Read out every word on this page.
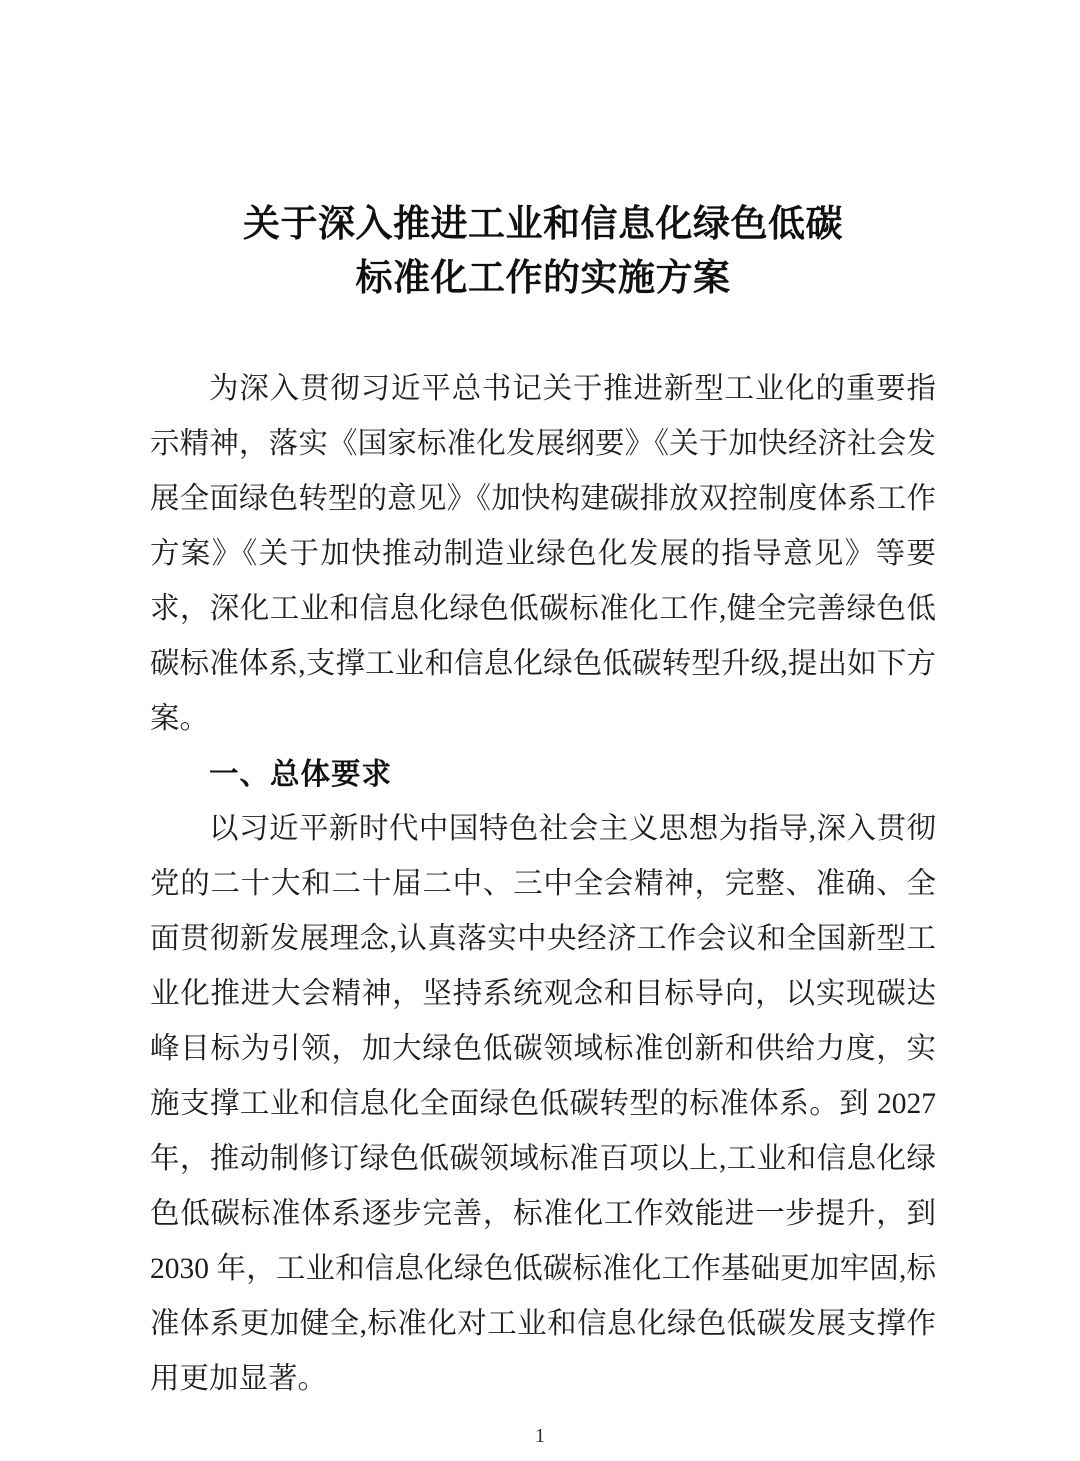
关于深入推进工业和信息化绿色低碳
标准化工作的实施方案

为深入贯彻习近平总书记关于推进新型工业化的重要指示精神，落实《国家标准化发展纲要》《关于加快经济社会发展全面绿色转型的意见》《加快构建碳排放双控制度体系工作方案》《关于加快推动制造业绿色化发展的指导意见》等要求，深化工业和信息化绿色低碳标准化工作,健全完善绿色低碳标准体系,支撑工业和信息化绿色低碳转型升级,提出如下方案。

一、总体要求

以习近平新时代中国特色社会主义思想为指导,深入贯彻党的二十大和二十届二中、三中全会精神，完整、准确、全面贯彻新发展理念,认真落实中央经济工作会议和全国新型工业化推进大会精神，坚持系统观念和目标导向，以实现碳达峰目标为引领，加大绿色低碳领域标准创新和供给力度，实施支撑工业和信息化全面绿色低碳转型的标准体系。到 2027 年，推动制修订绿色低碳领域标准百项以上,工业和信息化绿色低碳标准体系逐步完善，标准化工作效能进一步提升，到 2030 年，工业和信息化绿色低碳标准化工作基础更加牢固,标准体系更加健全,标准化对工业和信息化绿色低碳发展支撑作用更加显著。

1
